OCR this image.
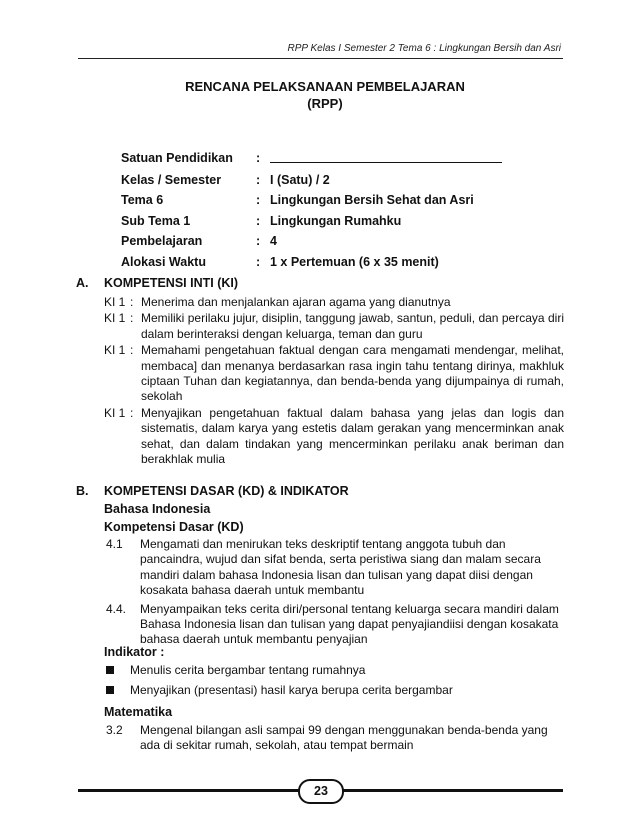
RPP Kelas I Semester 2 Tema 6 : Lingkungan Bersih dan Asri
RENCANA PELAKSANAAN PEMBELAJARAN
(RPP)
Satuan Pendidikan	:
Kelas / Semester	: I (Satu) / 2
Tema 6	: Lingkungan Bersih Sehat dan Asri
Sub Tema 1	: Lingkungan Rumahku
Pembelajaran	: 4
Alokasi Waktu	: 1 x Pertemuan (6 x 35 menit)
A. KOMPETENSI INTI (KI)
KI 1 : Menerima dan menjalankan ajaran agama yang dianutnya
KI 1 : Memiliki perilaku jujur, disiplin, tanggung jawab, santun, peduli, dan percaya diri dalam berinteraksi dengan keluarga, teman dan guru
KI 1 : Memahami pengetahuan faktual dengan cara mengamati mendengar, melihat, membaca] dan menanya berdasarkan rasa ingin tahu tentang dirinya, makhluk ciptaan Tuhan dan kegiatannya, dan benda-benda yang dijumpainya di rumah, sekolah
KI 1 : Menyajikan pengetahuan faktual dalam bahasa yang jelas dan logis dan sistematis, dalam karya yang estetis dalam gerakan yang mencerminkan anak sehat, dan dalam tindakan yang mencerminkan perilaku anak beriman dan berakhlak mulia
B. KOMPETENSI DASAR (KD) & INDIKATOR
Bahasa Indonesia
Kompetensi Dasar (KD)
4.1	Mengamati dan menirukan teks deskriptif tentang anggota tubuh dan pancaindra, wujud dan sifat benda, serta peristiwa siang dan malam secara mandiri dalam bahasa Indonesia lisan dan tulisan yang dapat diisi dengan kosakata bahasa daerah untuk membantu
4.4.	Menyampaikan teks cerita diri/personal tentang keluarga secara mandiri dalam Bahasa Indonesia lisan dan tulisan yang dapat penyajiandiisi dengan kosakata bahasa daerah untuk membantu penyajian
Indikator :
Menulis cerita bergambar tentang rumahnya
Menyajikan (presentasi) hasil karya berupa cerita bergambar
Matematika
3.2	Mengenal bilangan asli sampai 99 dengan menggunakan benda-benda yang ada di sekitar rumah, sekolah, atau tempat bermain
23
